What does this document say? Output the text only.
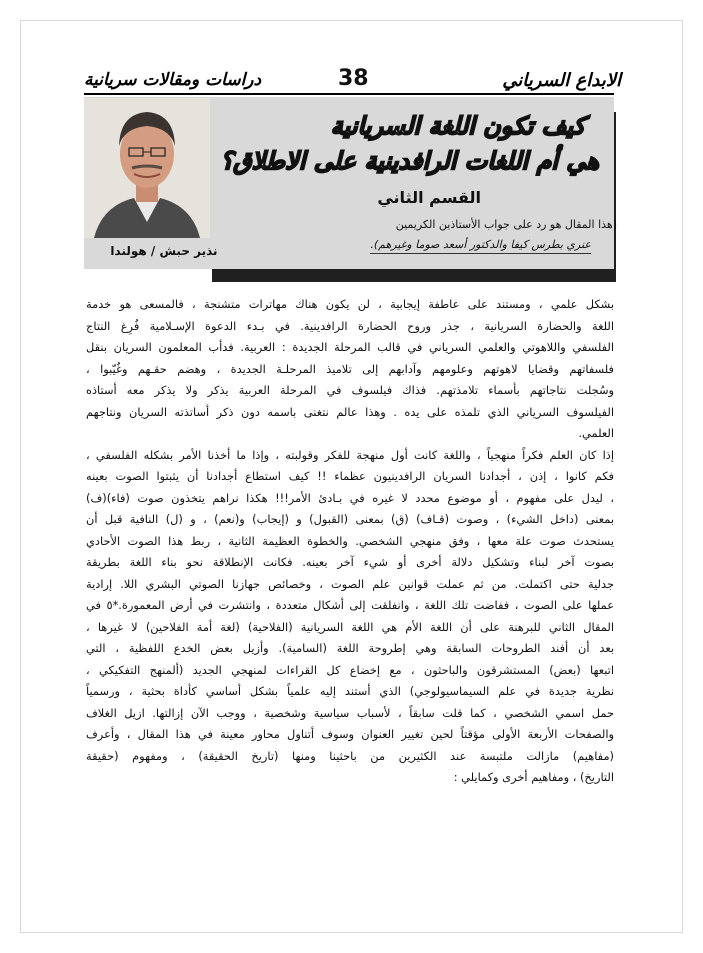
الابداع السرياني
38
دراسات ومقالات سريانية
نذير حبش / هولندا
كيف تكون اللغة السريانية
هي أم اللغات الرافدينية على الاطلاق؟
القسم الثاني
(هذا المقال هو رد على جواب الأستاذين الكريمين
عنري بطرس كيفا والدكتور أسعد صوما وغيرهم).
بشكل علمي ، ومستند على عاطفة إيجابية ، لن يكون هناك مهاترات متشنجة ، فالمسعى هو خدمة
اللغة والحضارة السريانية ، جذر وروح الحضارة الرافدينية. في بـدء الدعوة الإسـلامية فُرِغ النتاج
الفلسفي واللاهوتي والعلمي السرياني في قالب المرحلة الجديدة : العربية. فدأب المعلمون السريان بنقل
فلسفاتهم وقضايا لاهوتهم وعلومهم وآدابهم إلى تلاميذ المرحلـة الجديدة ، وهضم حقـهم وغُيّبوا ،
وسُجلت نتاجاتهم بأسماء تلامذتهم. فذاك فيلسوف في المرحلة العربية يذكر ولا يذكر معه أستاذه
الفيلسوف السرياني الذي تلمذه على يده . وهذا عالم نتغنى باسمه دون ذكر أساتذته السريان ونتاجهم
العلمي.
إذا كان العلم فكراً منهجياً ، واللغة كانت أول منهجة للفكر وقولبته ، وإذا ما أخذنا الأمر بشكله الفلسفي ،
فكم كانوا ، إذن ، أجدادنا السريان الرافدينيون عظماء !! كيف استطاع أجدادنا أن يثبتوا الصوت بعينه
، ليدل على مفهوم ، أو موضوع محدد لا غيره في بـادئ الأمر!!! هكذا نراهم يتخذون صوت (فاء)(ف)
بمعنى (داخل الشيء) ، وصوت (قـاف) (ق) بمعنى (القبول) و (إيجاب) و(نعم) ، و (ل) النافية قبل أن
يستحدث صوت علة معها ، وفق منهجي الشخصي. والخطوة العظيمة الثانية ، ربط هذا الصوت الأحادي
بصوت آخر لبناء وتشكيل دلالة أخرى أو شيء آخر بعينه. فكانت الإنطلاقة نحو بناء اللغة بطريقة
جدلية حتى اكتملت. من ثم عملت قوانين علم الصوت ، وخصائص جهازنا الصوتي البشري اللا. إرادية
عملها على الصوت ، ففاضت تلك اللغة ، وانفلقت إلى أشكال متعددة ، وانتشرت في أرض المعمورة.*٥ في
المقال الثاني للبرهنة على أن اللغة الأم هي اللغة السريانية (الفلاحية) (لغة أمة الفلاحين) لا غيرها ،
بعد أن أفند الطروحات السابقة وهي إطروحة اللغة (السامية). وأزيل بعض الخدع اللفظية ، التي
اتبعها (بعض) المستشرقون والباحثون ، مع إخضاع كل القراءات لمنهجي الجديد (ألمنهج التفكيكي ،
نظرية جديدة في علم السيماسيولوجي) الذي أستند إليه علمياً بشكل أساسي كأداة بحثية ، ورسمياً
حمل اسمي الشخصي ، كما قلت سابقاً ، لأسباب سياسية وشخصية ، ووجب الآن إزالتها. ازيل الغلاف
والصفحات الأربعة الأولى مؤقتاً لحين تغيير العنوان وسوف أتناول محاور معينة في هذا المقال ، وأعرف
(مفاهيم) مازالت ملتبسة عند الكثيرين من باحثينا ومنها (تاريخ الحقيقة) ، ومفهوم (حقيقة
التاريخ) ، ومفاهيم أخرى وكمايلي :
